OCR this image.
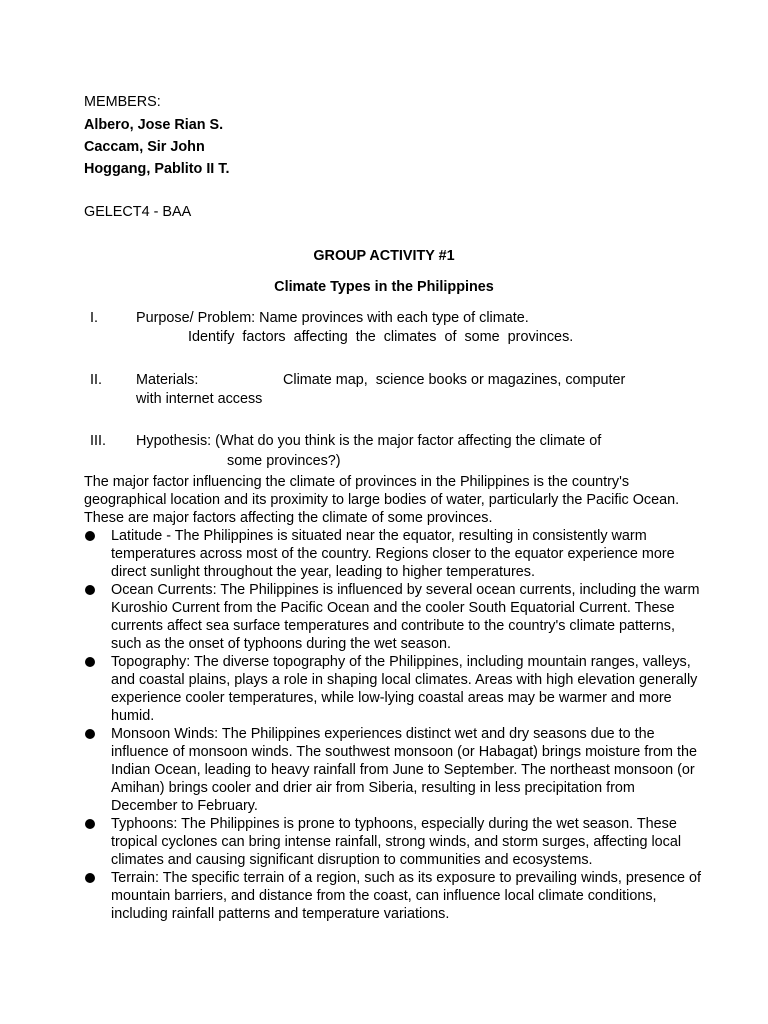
MEMBERS:
Albero, Jose Rian S.
Caccam, Sir John
Hoggang, Pablito II T.
GELECT4 - BAA
GROUP ACTIVITY #1
Climate Types in the Philippines
I.	Purpose/ Problem: Name provinces with each type of climate.
Identify  factors  affecting  the  climates  of  some  provinces.
II. Materials:	Climate map,  science books or magazines, computer
with internet access
III. Hypothesis: (What do you think is the major factor affecting the climate of
some provinces?)
The major factor influencing the climate of provinces in the Philippines is the country's geographical location and its proximity to large bodies of water, particularly the Pacific Ocean. These are major factors affecting the climate of some provinces.
Latitude - The Philippines is situated near the equator, resulting in consistently warm temperatures across most of the country. Regions closer to the equator experience more direct sunlight throughout the year, leading to higher temperatures.
Ocean Currents: The Philippines is influenced by several ocean currents, including the warm Kuroshio Current from the Pacific Ocean and the cooler South Equatorial Current. These currents affect sea surface temperatures and contribute to the country's climate patterns, such as the onset of typhoons during the wet season.
Topography: The diverse topography of the Philippines, including mountain ranges, valleys, and coastal plains, plays a role in shaping local climates. Areas with high elevation generally experience cooler temperatures, while low-lying coastal areas may be warmer and more humid.
Monsoon Winds: The Philippines experiences distinct wet and dry seasons due to the influence of monsoon winds. The southwest monsoon (or Habagat) brings moisture from the Indian Ocean, leading to heavy rainfall from June to September. The northeast monsoon (or Amihan) brings cooler and drier air from Siberia, resulting in less precipitation from December to February.
Typhoons: The Philippines is prone to typhoons, especially during the wet season. These tropical cyclones can bring intense rainfall, strong winds, and storm surges, affecting local climates and causing significant disruption to communities and ecosystems.
Terrain: The specific terrain of a region, such as its exposure to prevailing winds, presence of mountain barriers, and distance from the coast, can influence local climate conditions, including rainfall patterns and temperature variations.
